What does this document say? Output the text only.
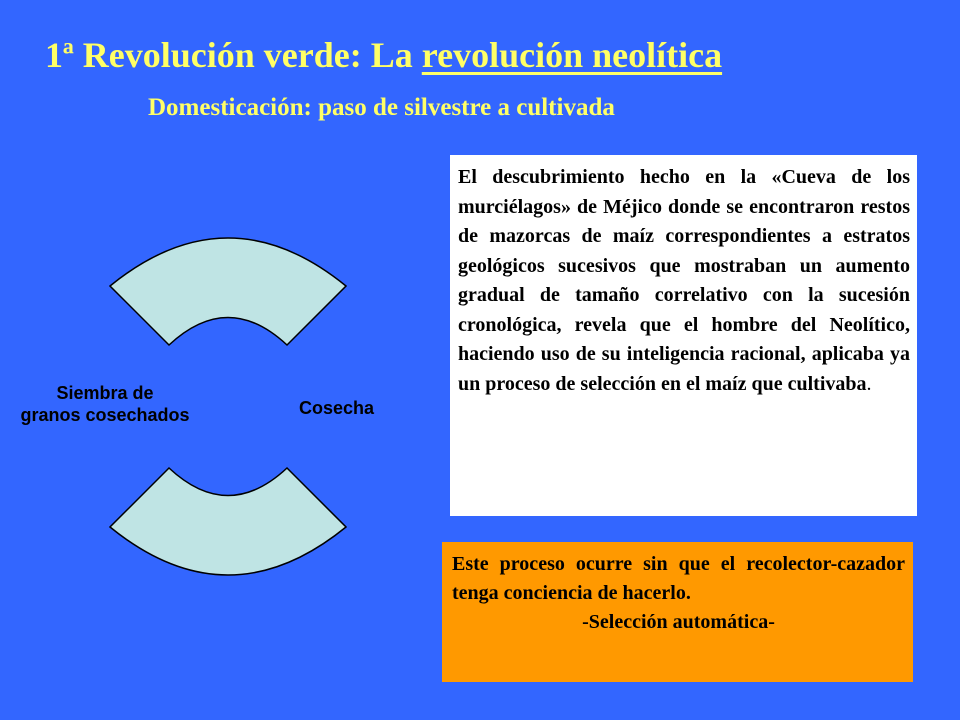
1ª Revolución verde: La revolución neolítica
Domesticación: paso de silvestre a cultivada
Siembra de
granos cosechados	Cosecha
El descubrimiento hecho en la «Cueva de los murciélagos» de Méjico donde se encontraron restos de mazorcas de maíz correspondientes a estratos geológicos sucesivos que mostraban un aumento gradual de tamaño correlativo con la sucesión cronológica, revela que el hombre del Neolítico, haciendo uso de su inteligencia racional, aplicaba ya un proceso de selección en el maíz que cultivaba.

Este proceso ocurre sin que el recolector-cazador tenga conciencia de hacerlo.

-Selección automática-
